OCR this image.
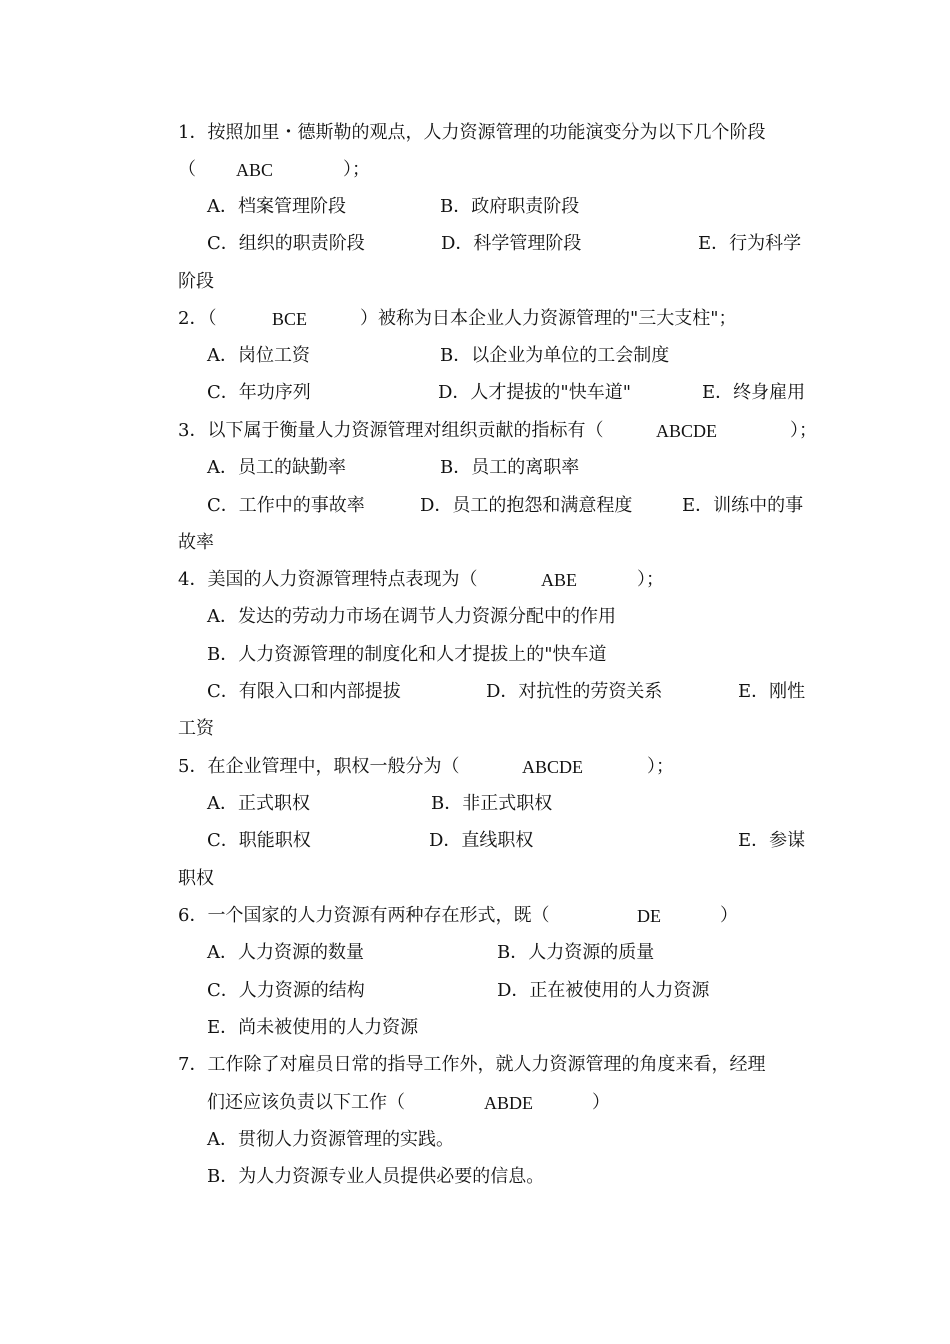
1．按照加里・德斯勒的观点，人力资源管理的功能演变分为以下几个阶段
（ ABC	）；
A．档案管理阶段	B．政府职责阶段
C．组织的职责阶段	D．科学管理阶段	E．行为科学
阶段
2．（	BCE	）被称为日本企业人力资源管理的"三大支柱"；
A．岗位工资	B．以企业为单位的工会制度
C．年功序列	D．人才提拔的"快车道"	E．终身雇用
3．以下属于衡量人力资源管理对组织贡献的指标有（	ABCDE	）；
A．员工的缺勤率	B．员工的离职率
C．工作中的事故率	D．员工的抱怨和满意程度	E．训练中的事
故率
4．美国的人力资源管理特点表现为（	ABE	）；
A．发达的劳动力市场在调节人力资源分配中的作用
B．人力资源管理的制度化和人才提拔上的"快车道
C．有限入口和内部提拔	D．对抗性的劳资关系	E．刚性
工资
5．在企业管理中，职权一般分为（	ABCDE	）；
A．正式职权	B．非正式职权
C．职能职权	D．直线职权	E．参谋
职权
6．一个国家的人力资源有两种存在形式，既（	DE	）
A．人力资源的数量	B．人力资源的质量
C．人力资源的结构	D．正在被使用的人力资源
E．尚未被使用的人力资源
7．工作除了对雇员日常的指导工作外，就人力资源管理的角度来看，经理
们还应该负责以下工作（	ABDE	）
A．贯彻人力资源管理的实践。
B．为人力资源专业人员提供必要的信息。
